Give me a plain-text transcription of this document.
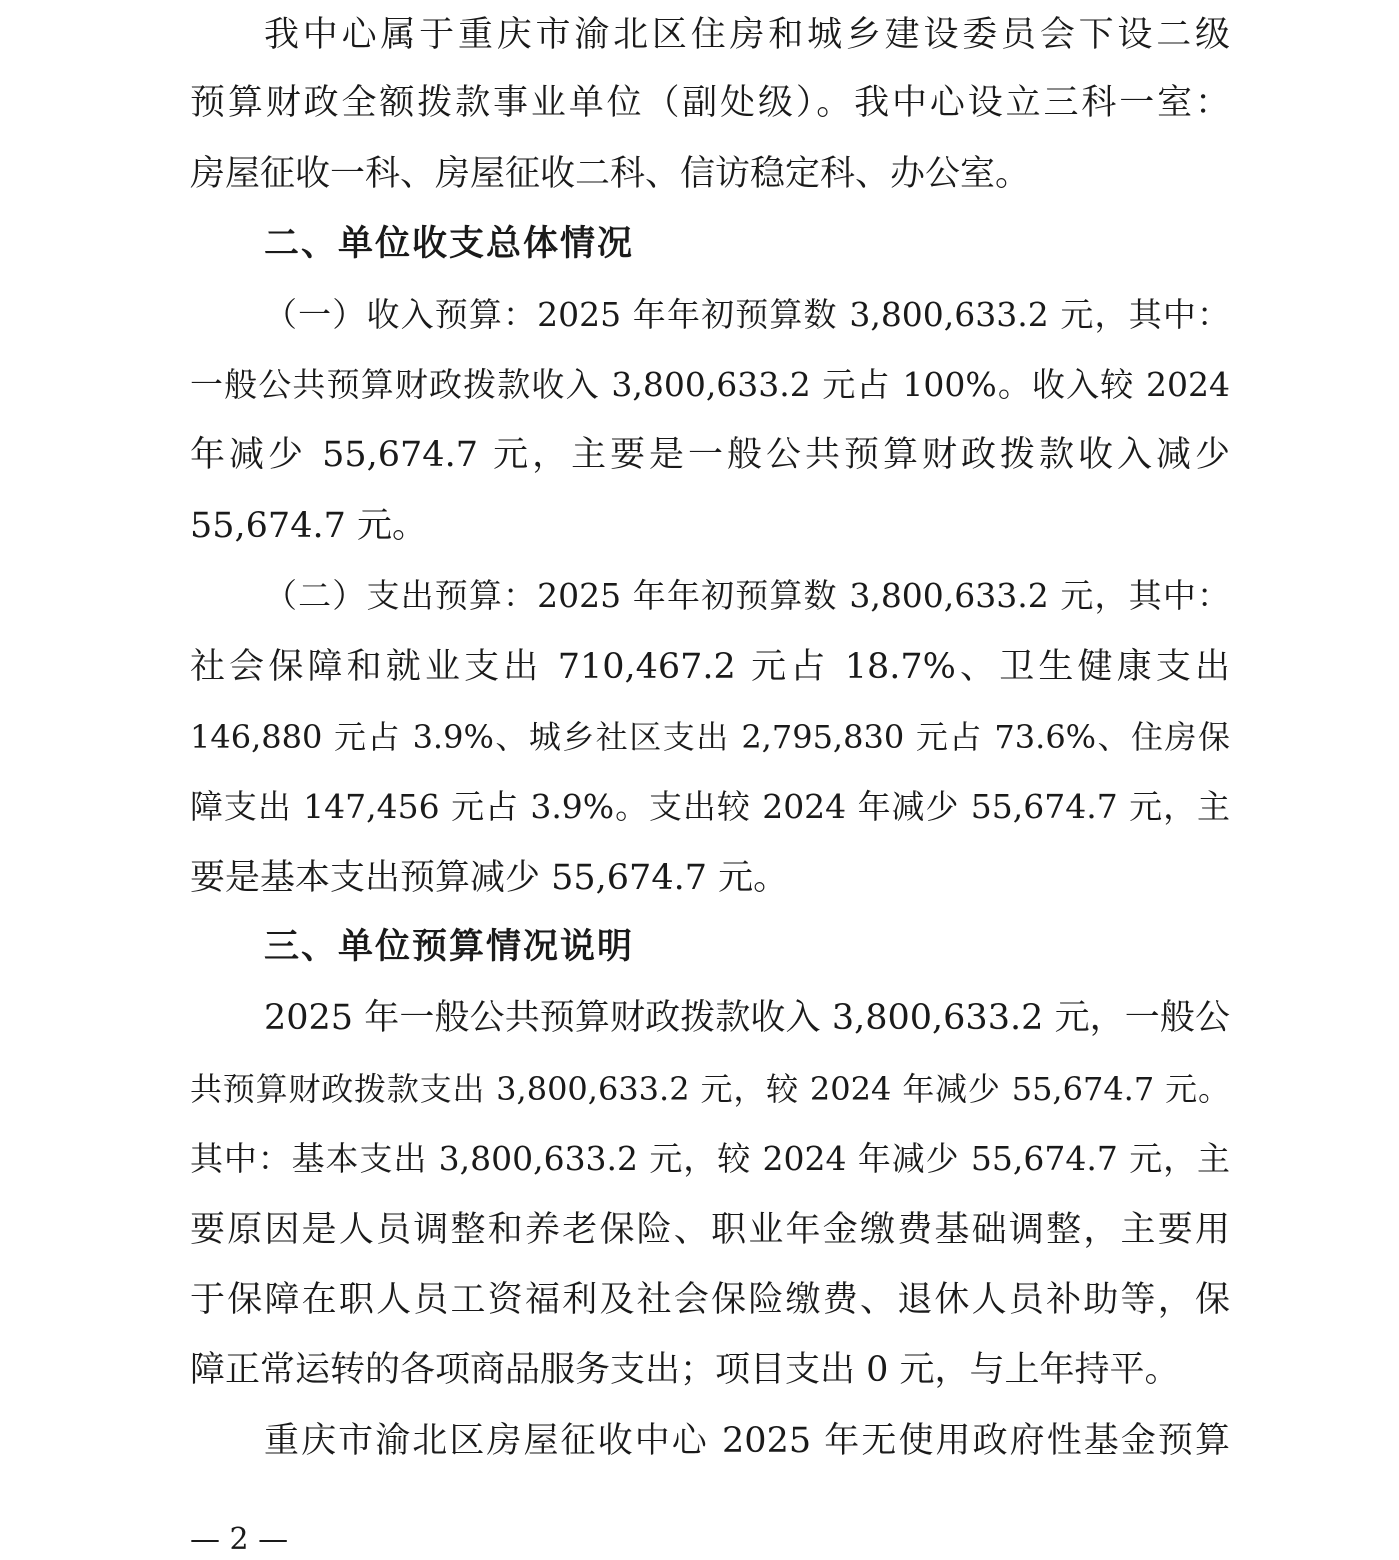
我中心属于重庆市渝北区住房和城乡建设委员会下设二级
预算财政全额拨款事业单位（副处级）。我中心设立三科一室：
房屋征收一科、房屋征收二科、信访稳定科、办公室。
二、单位收支总体情况
（一）收入预算：2025 年年初预算数 3,800,633.2 元，其中：
一般公共预算财政拨款收入 3,800,633.2 元占 100%。收入较 2024
年减少 55,674.7 元，主要是一般公共预算财政拨款收入减少
55,674.7 元。
（二）支出预算：2025 年年初预算数 3,800,633.2 元，其中：
社会保障和就业支出 710,467.2 元占 18.7%、卫生健康支出
146,880 元占 3.9%、城乡社区支出 2,795,830 元占 73.6%、住房保
障支出 147,456 元占 3.9%。支出较 2024 年减少 55,674.7 元，主
要是基本支出预算减少 55,674.7 元。
三、单位预算情况说明
2025 年一般公共预算财政拨款收入 3,800,633.2 元，一般公
共预算财政拨款支出 3,800,633.2 元，较 2024 年减少 55,674.7 元。
其中：基本支出 3,800,633.2 元，较 2024 年减少 55,674.7 元，主
要原因是人员调整和养老保险、职业年金缴费基础调整，主要用
于保障在职人员工资福利及社会保险缴费、退休人员补助等，保
障正常运转的各项商品服务支出；项目支出 0 元，与上年持平。
重庆市渝北区房屋征收中心 2025 年无使用政府性基金预算
— 2 —
